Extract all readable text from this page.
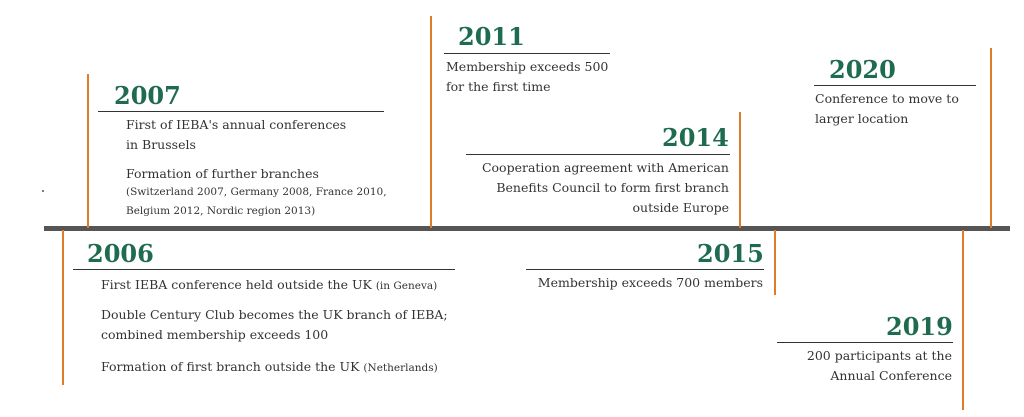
2007
First of IEBA's annual conferences
in Brussels
Formation of further branches
(Switzerland 2007, Germany 2008, France 2010,
Belgium 2012, Nordic region 2013)
2011
Membership exceeds 500
for the first time
2014
Cooperation agreement with American
Benefits Council to form first branch
outside Europe
2020
Conference to move to
larger location
2006
First IEBA conference held outside the UK (in Geneva)
Double Century Club becomes the UK branch of IEBA;
combined membership exceeds 100
Formation of first branch outside the UK (Netherlands)
2015
Membership exceeds 700 members
2019
200 participants at the
Annual Conference
